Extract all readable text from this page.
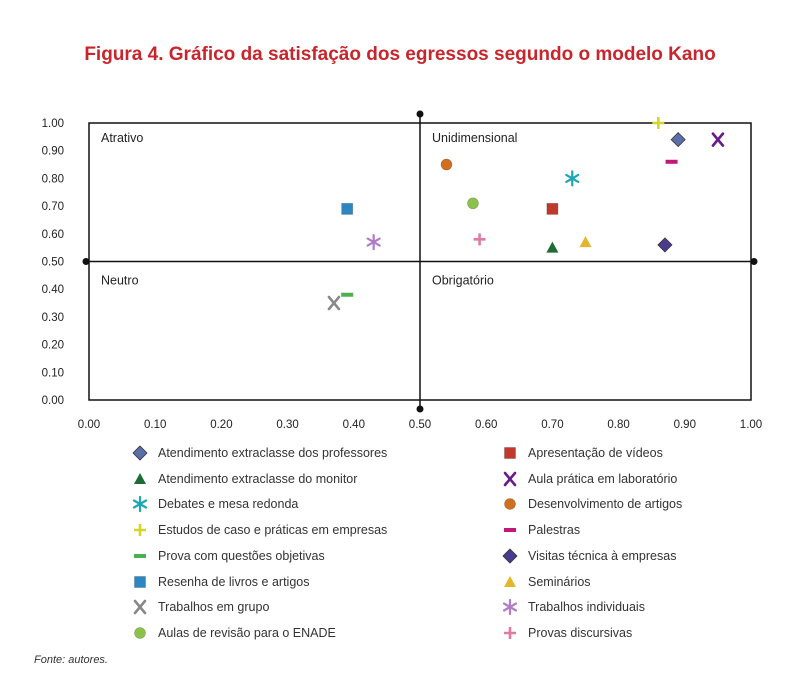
Figura 4. Gráfico da satisfação dos egressos segundo o modelo Kano
0.00	0.10	0.20	0.30	0.40	0.50	0.60	0.70	0.80	0.90	1.00
0.00
0.10
0.20
0.30
0.40
0.50
0.60
0.70
0.80
0.90
1.00
Atrativo	Unidimensional
Neutro	Obrigatório
Atendimento extraclasse dos professores	Apresentação de vídeos
Atendimento extraclasse do monitor	Aula prática em laboratório
Debates e mesa redonda	Desenvolvimento de artigos
Estudos de caso e práticas em empresas	Palestras
Prova com questões objetivas	Visitas técnica à empresas
Resenha de livros e artigos	Seminários
Trabalhos em grupo	Trabalhos individuais
Aulas de revisão para o ENADE	Provas discursivas
Fonte: autores.
